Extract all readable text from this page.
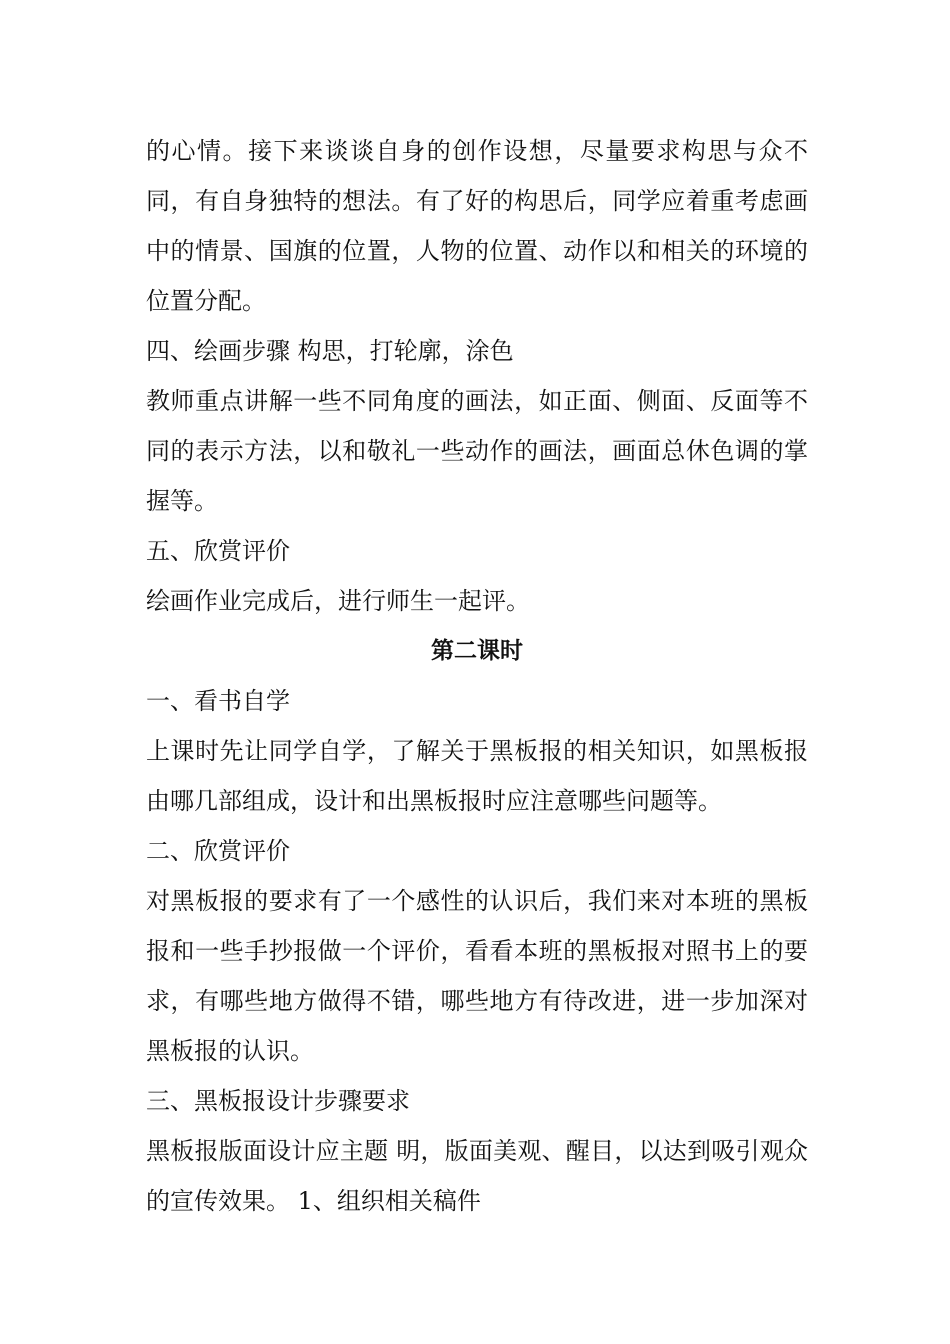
的心情。接下来谈谈自身的创作设想，尽量要求构思与众不同，有自身独特的想法。有了好的构思后，同学应着重考虑画中的情景、国旗的位置，人物的位置、动作以和相关的环境的位置分配。

四、绘画步骤 构思，打轮廓，涂色

教师重点讲解一些不同角度的画法，如正面、侧面、反面等不同的表示方法，以和敬礼一些动作的画法，画面总休色调的掌握等。

五、欣赏评价

绘画作业完成后，进行师生一起评。

第二课时

一、看书自学

上课时先让同学自学，了解关于黑板报的相关知识，如黑板报由哪几部组成，设计和出黑板报时应注意哪些问题等。

二、欣赏评价

对黑板报的要求有了一个感性的认识后，我们来对本班的黑板报和一些手抄报做一个评价，看看本班的黑板报对照书上的要求，有哪些地方做得不错，哪些地方有待改进，进一步加深对黑板报的认识。

三、黑板报设计步骤要求

黑板报版面设计应主题 明，版面美观、醒目，以达到吸引观众的宣传效果。 1、组织相关稿件
